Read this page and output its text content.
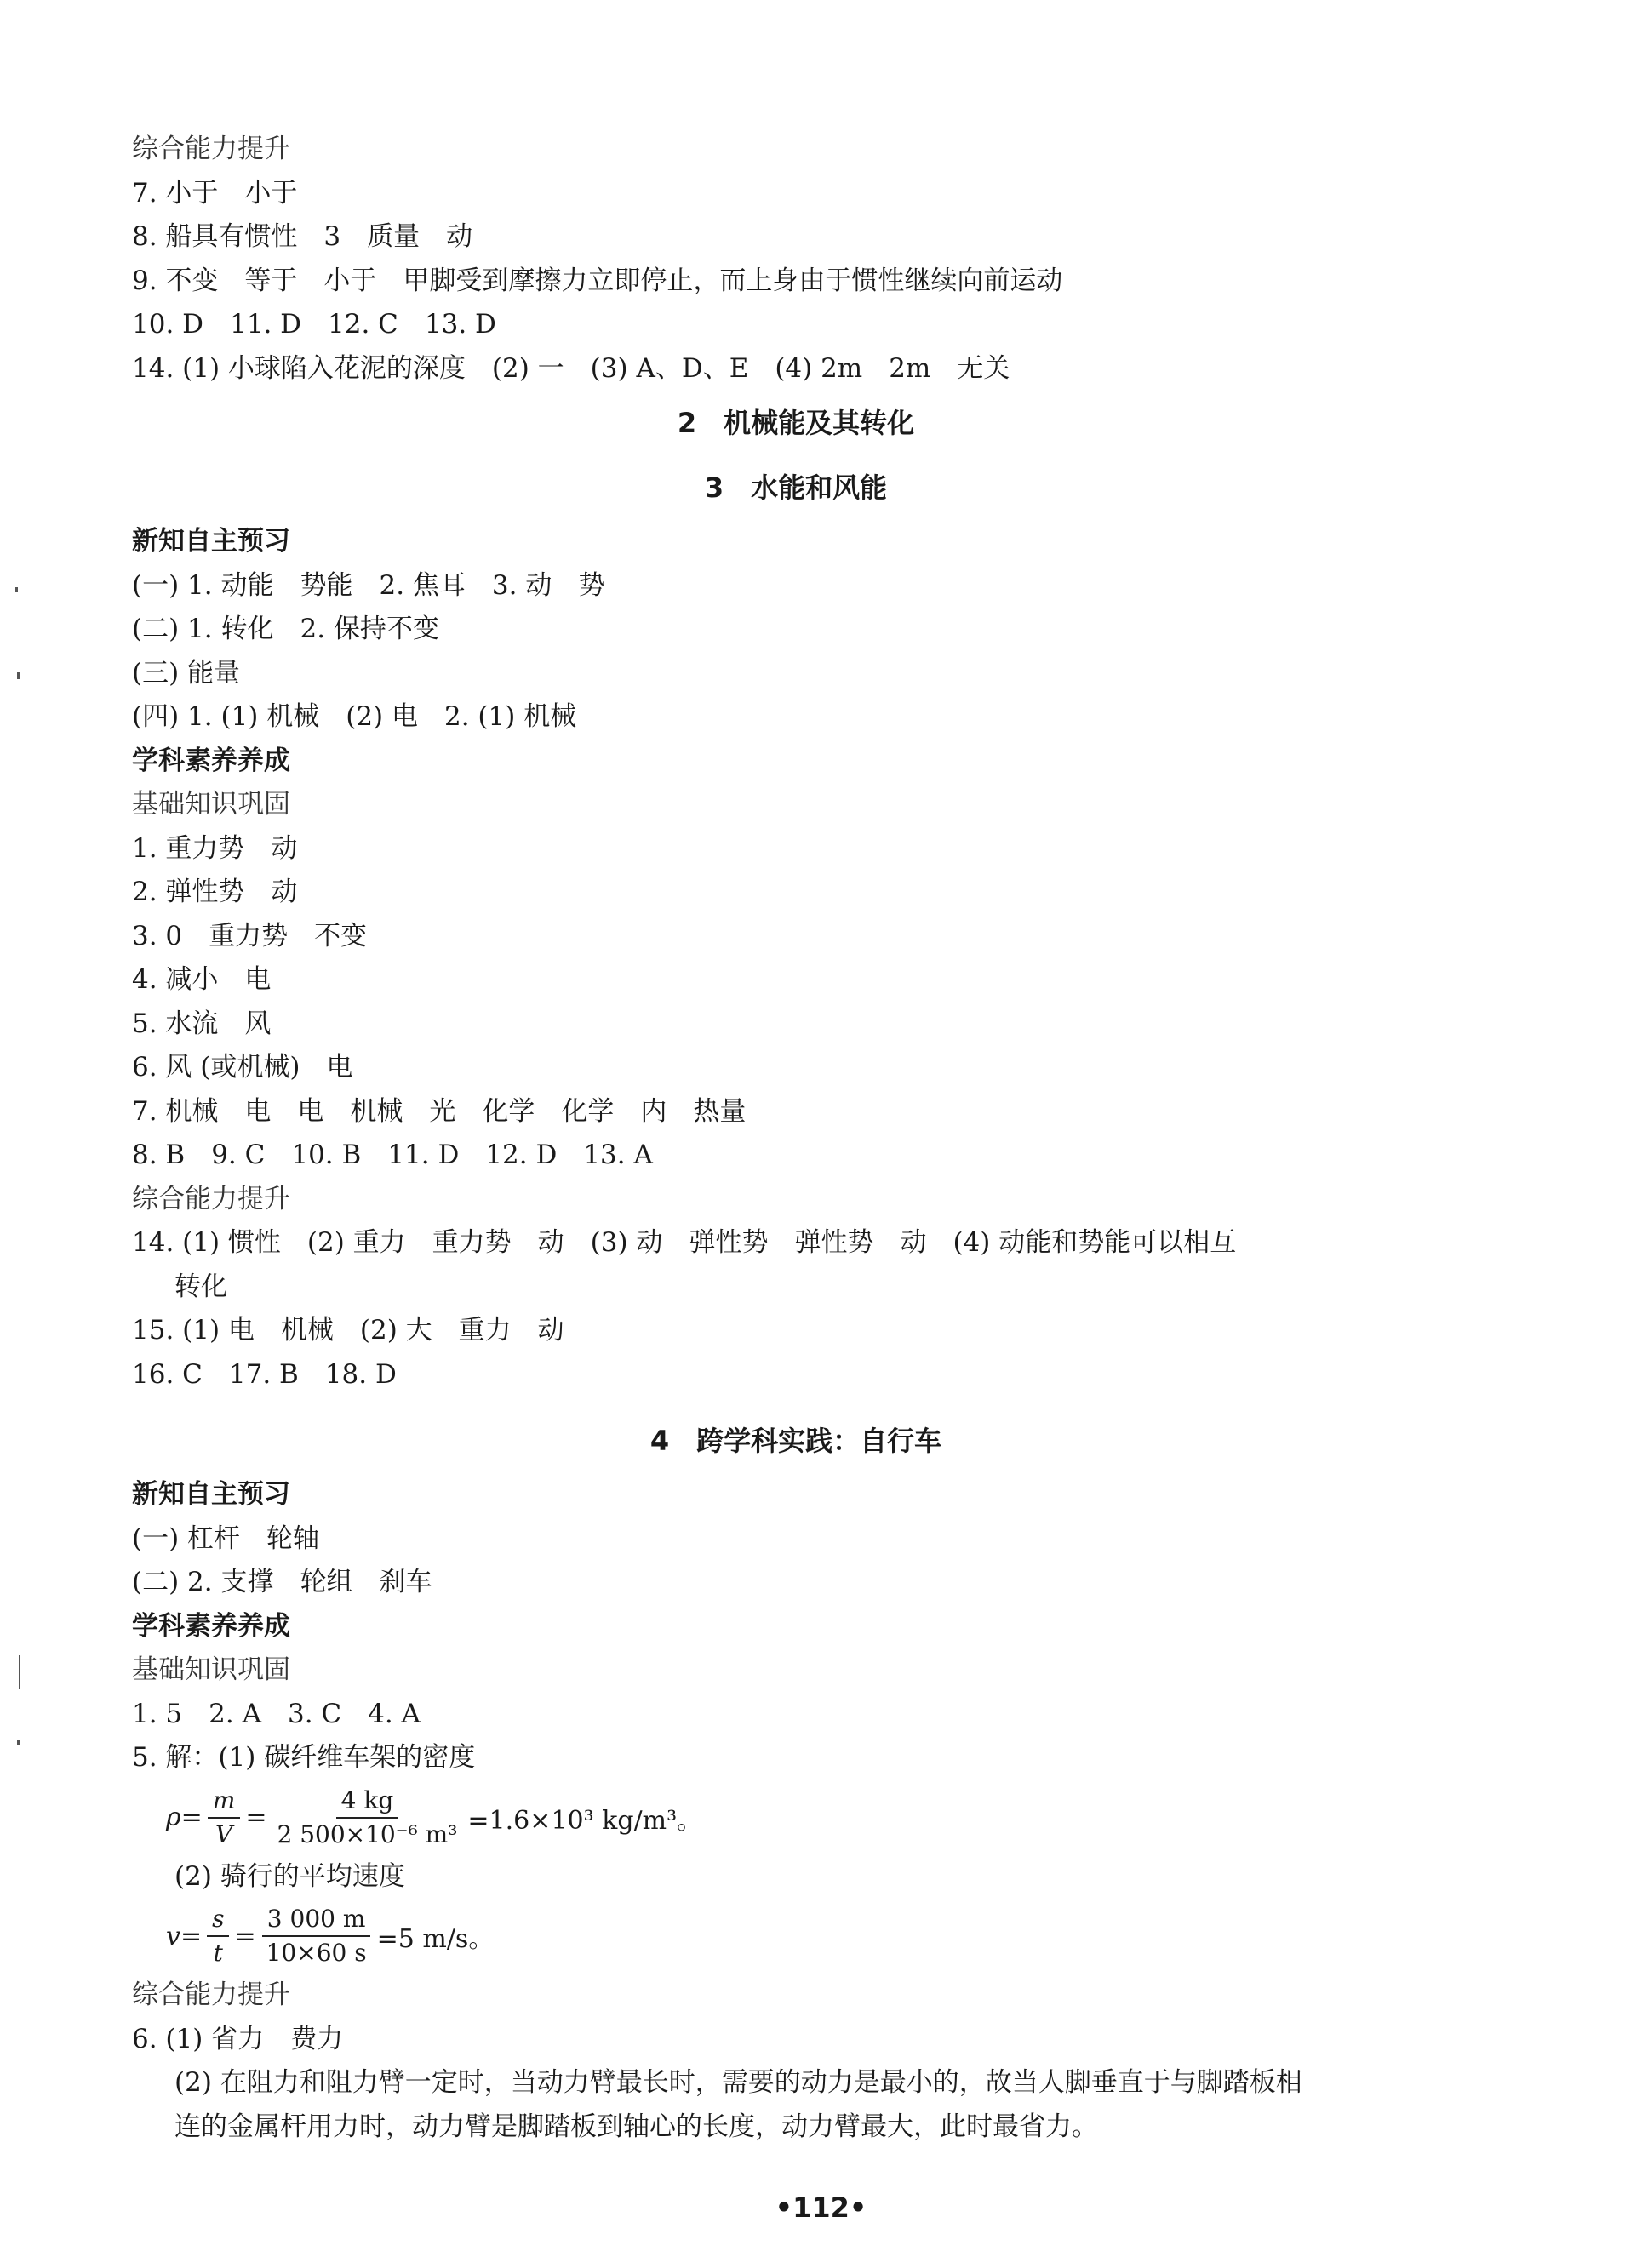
综合能力提升
7. 小于　小于
8. 船具有惯性　3　质量　动
9. 不变　等于　小于　甲脚受到摩擦力立即停止，而上身由于惯性继续向前运动
10. D　11. D　12. C　13. D
14. (1) 小球陷入花泥的深度　(2) 一　(3) A、D、E　(4) 2m　2m　无关
2　机械能及其转化
3　水能和风能
新知自主预习
(一) 1. 动能　势能　2. 焦耳　3. 动　势
(二) 1. 转化　2. 保持不变
(三) 能量
(四) 1. (1) 机械　(2) 电　2. (1) 机械
学科素养养成
基础知识巩固
1. 重力势　动
2. 弹性势　动
3. 0　重力势　不变
4. 减小　电
5. 水流　风
6. 风 (或机械)　电
7. 机械　电　电　机械　光　化学　化学　内　热量
8. B　9. C　10. B　11. D　12. D　13. A
综合能力提升
14. (1) 惯性　(2) 重力　重力势　动　(3) 动　弹性势　弹性势　动　(4) 动能和势能可以相互
转化
15. (1) 电　机械　(2) 大　重力　动
16. C　17. B　18. D
4　跨学科实践：自行车
新知自主预习
(一) 杠杆　轮轴
(二) 2. 支撑　轮组　刹车
学科素养养成
基础知识巩固
1. 5　2. A　3. C　4. A
5. 解：(1) 碳纤维车架的密度
$\rho= \frac{m}{V} = \frac{4 kg}{\text{2 500×10⁻⁶ m³}} =1.6\times 10^3$ kg/m³。
(2) 骑行的平均速度
$v= \frac{s}{t} = \frac{3 000 m}{10\times 60 s} =5$ m/s。
综合能力提升
6. (1) 省力　费力
(2) 在阻力和阻力臂一定时，当动力臂最长时，需要的动力是最小的，故当人脚垂直于与脚踏板相
连的金属杆用力时，动力臂是脚踏板到轴心的长度，动力臂最大，此时最省力。
•112•
